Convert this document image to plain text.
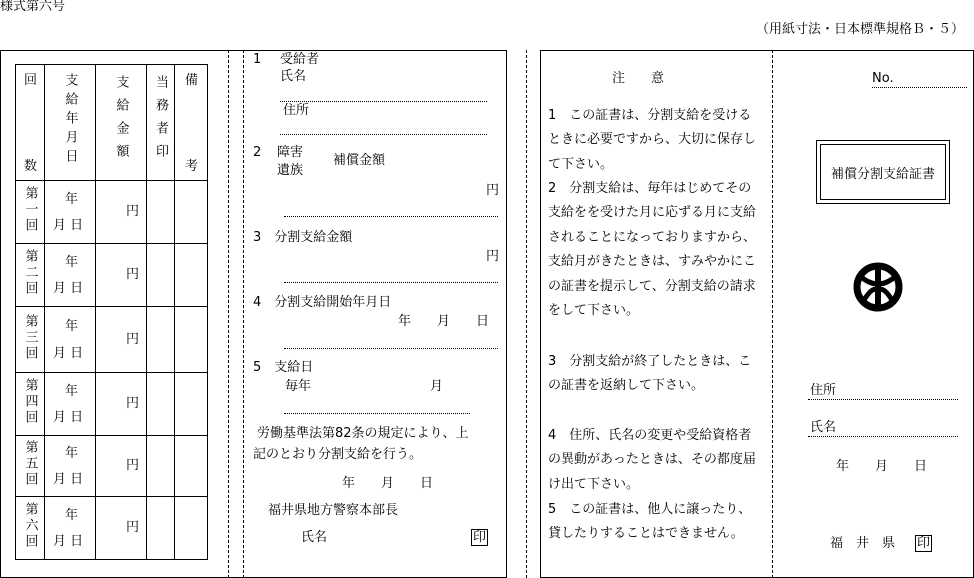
様式第六号
（用紙寸法・日本標準規格Ｂ・５）
回
数	支給年月日	支給金額	当務者印	備
考

第一回	年
月 日	円		

第二回	年
月 日	円		

第三回	年
月 日	円		

第四回	年
月 日	円		

第五回	年
月 日	円		

第六回	年
月 日	円		

1 受給者
氏名
住所
2 障害
遺族
補償金額
円
3　分割支給金額
円
4　分割支給開始年月日
年　　月　　日
5　支給日
毎年	月
労働基準法第82条の規定により、上
記のとおり分割支給を行う。
年　　月　　日
福井県地方警察本部長
氏名	印
注　　意
1　この証書は、分割支給を受けるときに必要ですから、大切に保存して下さい。
2　分割支給は、毎年はじめてその支給をを受けた月に応ずる月に支給されることになっておりますから、支給月がきたときは、すみやかにこの証書を提示して、分割支給の請求をして下さい。
3　分割支給が終了したときは、この証書を返納して下さい。
4　住所、氏名の変更や受給資格者の異動があったときは、その都度届け出て下さい。
5　この証書は、他人に譲ったり、貸したりすることはできません。
No.
補償分割支給証書
住所
氏名
年　　月　　日
福　井　県 印
